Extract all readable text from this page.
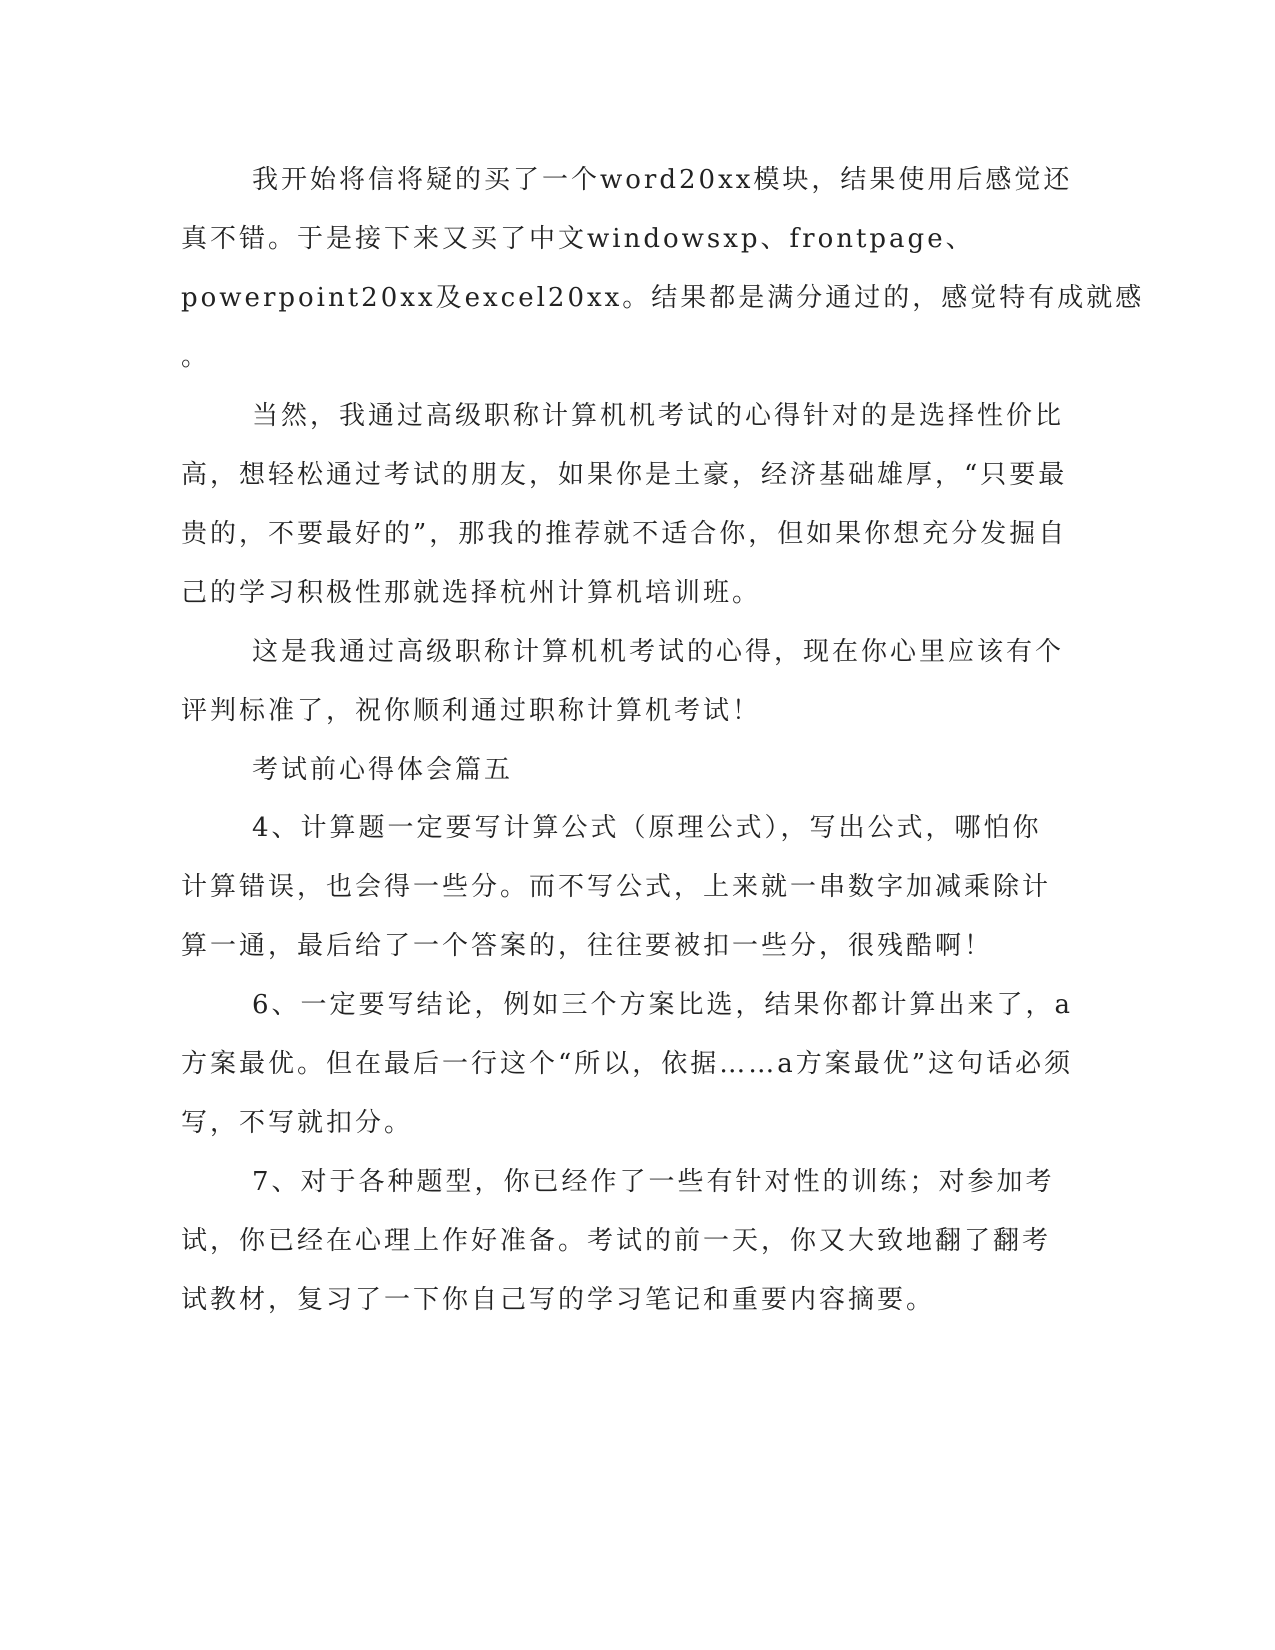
我开始将信将疑的买了一个word20xx模块，结果使用后感觉还

真不错。于是接下来又买了中文windowsxp、frontpage、

powerpoint20xx及excel20xx。结果都是满分通过的，感觉特有成就感

。

当然，我通过高级职称计算机机考试的心得针对的是选择性价比

高，想轻松通过考试的朋友，如果你是土豪，经济基础雄厚，“只要最

贵的，不要最好的”，那我的推荐就不适合你，但如果你想充分发掘自

己的学习积极性那就选择杭州计算机培训班。

这是我通过高级职称计算机机考试的心得，现在你心里应该有个

评判标准了，祝你顺利通过职称计算机考试！

考试前心得体会篇五

4、计算题一定要写计算公式（原理公式），写出公式，哪怕你

计算错误，也会得一些分。而不写公式，上来就一串数字加减乘除计

算一通，最后给了一个答案的，往往要被扣一些分，很残酷啊！

6、一定要写结论，例如三个方案比选，结果你都计算出来了，a

方案最优。但在最后一行这个“所以，依据……a方案最优”这句话必须

写，不写就扣分。

7、对于各种题型，你已经作了一些有针对性的训练；对参加考

试，你已经在心理上作好准备。考试的前一天，你又大致地翻了翻考

试教材，复习了一下你自己写的学习笔记和重要内容摘要。
